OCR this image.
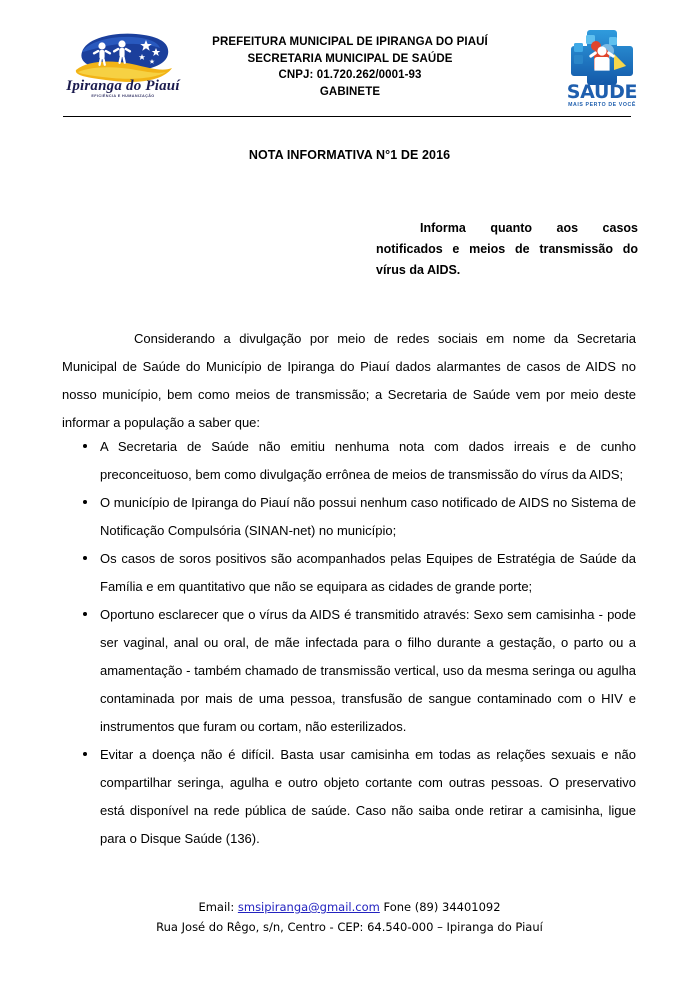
Ipiranga do Piauí
EFICIÊNCIA E HUMANIZAÇÃO
PREFEITURA MUNICIPAL DE IPIRANGA DO PIAUÍ
SECRETARIA MUNICIPAL DE SAÚDE
CNPJ: 01.720.262/0001-93
GABINETE	SAÚDE
MAIS PERTO DE VOCÊ
NOTA INFORMATIVA N°1 DE 2016
Informa quanto aos casos notificados e meios de transmissão do vírus da AIDS.
Considerando a divulgação por meio de redes sociais em nome da Secretaria Municipal de Saúde do Município de Ipiranga do Piauí dados alarmantes de casos de AIDS no nosso município, bem como meios de transmissão; a Secretaria de Saúde vem por meio deste informar a população a saber que:
A Secretaria de Saúde não emitiu nenhuma nota com dados irreais e de cunho preconceituoso, bem como divulgação errônea de meios de transmissão do vírus da AIDS;
O município de Ipiranga do Piauí não possui nenhum caso notificado de AIDS no Sistema de Notificação Compulsória (SINAN-net) no município;
Os casos de soros positivos são acompanhados pelas Equipes de Estratégia de Saúde da Família e em quantitativo que não se equipara as cidades de grande porte;
Oportuno esclarecer que o vírus da AIDS é transmitido através: Sexo sem camisinha - pode ser vaginal, anal ou oral, de mãe infectada para o filho durante a gestação, o parto ou a amamentação - também chamado de transmissão vertical, uso da mesma seringa ou agulha contaminada por mais de uma pessoa, transfusão de sangue contaminado com o HIV e instrumentos que furam ou cortam, não esterilizados.
Evitar a doença não é difícil. Basta usar camisinha em todas as relações sexuais e não compartilhar seringa, agulha e outro objeto cortante com outras pessoas. O preservativo está disponível na rede pública de saúde. Caso não saiba onde retirar a camisinha, ligue para o Disque Saúde (136).
Email: smsipiranga@gmail.com Fone (89) 34401092
Rua José do Rêgo, s/n, Centro - CEP: 64.540-000 – Ipiranga do Piauí
